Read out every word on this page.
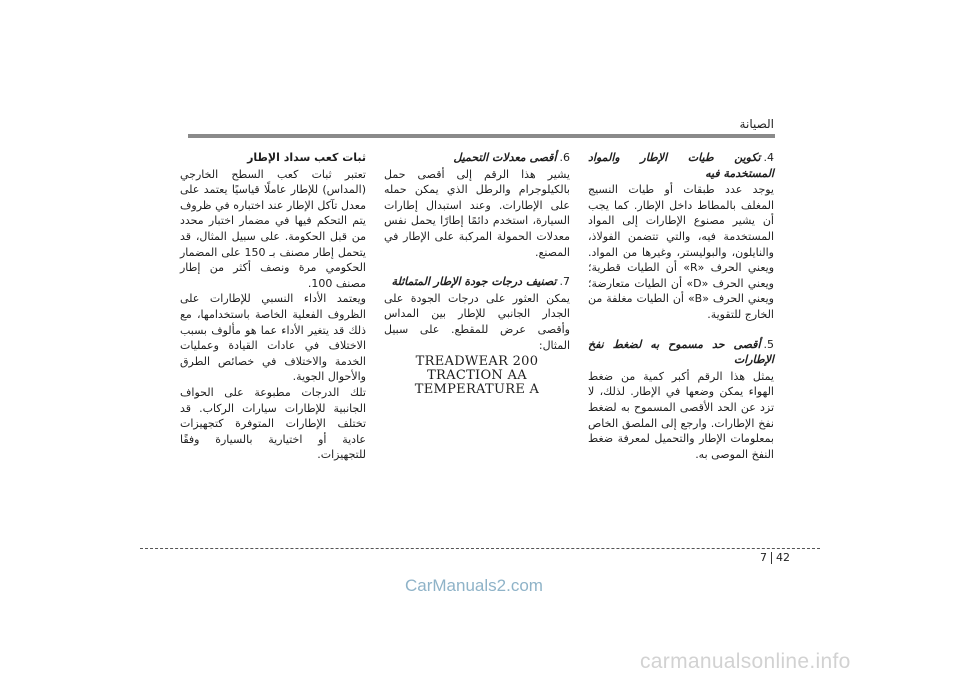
الصيانة
4.تكوين طيات الإطار والمواد المستخدمة فيه

يوجد عدد طبقات أو طيات النسيج المغلف بالمطاط داخل الإطار. كما يجب أن يشير مصنوع الإطارات إلى المواد المستخدمة فيه، والتي تتضمن الفولاذ، والنايلون، والبوليستر، وغيرها من المواد. ويعني الحرف «R» أن الطيات قطرية؛ ويعني الحرف «D» أن الطيات متعارضة؛ ويعني الحرف «B» أن الطيات مغلفة من الخارج للتقوية.

5.أقصى حد مسموح به لضغط نفخ الإطارات

يمثل هذا الرقم أكبر كمية من ضغط الهواء يمكن وضعها في الإطار. لذلك، لا تزد عن الحد الأقصى المسموح به لضغط نفخ الإطارات. وارجع إلى الملصق الخاص بمعلومات الإطار والتحميل لمعرفة ضغط النفخ الموصى به.

6.أقصى معدلات التحميل

يشير هذا الرقم إلى أقصى حمل بالكيلوجرام والرطل الذي يمكن حمله على الإطارات. وعند استبدال إطارات السيارة، استخدم دائمًا إطارًا يحمل نفس معدلات الحمولة المركبة على الإطار في المصنع.

7.تصنيف درجات جودة الإطار المتماثلة

يمكن العثور على درجات الجودة على الجدار الجانبي للإطار بين المداس وأقصى عرض للمقطع. على سبيل المثال:

TREADWEAR 200
TRACTION AA
TEMPERATURE A
ثبات كعب سداد الإطار

تعتبر ثبات كعب السطح الخارجي (المداس) للإطار عاملًا قياسيًا يعتمد على معدل تآكل الإطار عند اختباره في ظروف يتم التحكم فيها في مضمار اختبار محدد من قبل الحكومة. على سبيل المثال، قد يتحمل إطار مصنف بـ 150 على المضمار الحكومي مرة ونصف أكثر من إطار مصنف 100.

ويعتمد الأداء النسبي للإطارات على الظروف الفعلية الخاصة باستخدامها، مع ذلك قد يتغير الأداء عما هو مألوف بسبب الاختلاف في عادات القيادة وعمليات الخدمة والاختلاف في خصائص الطرق والأحوال الجوية.

تلك الدرجات مطبوعة على الحواف الجانبية للإطارات سيارات الركاب. قد تختلف الإطارات المتوفرة كتجهيزات عادية أو اختيارية بالسيارة وفقًا للتجهيزات.

7 42
CarManuals2.com
carmanualsonline.info
